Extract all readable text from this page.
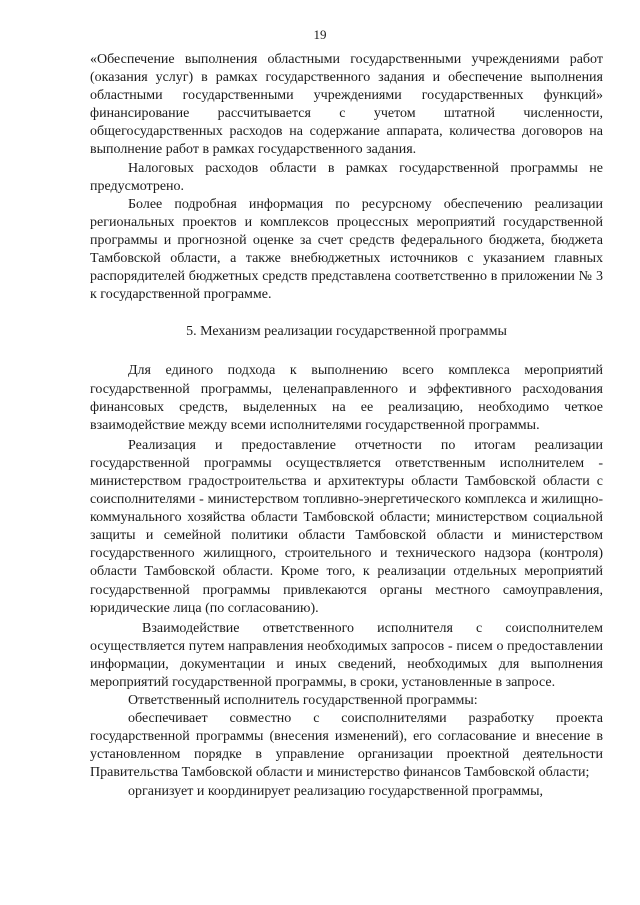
19

«Обеспечение выполнения областными государственными учреждениями работ (оказания услуг) в рамках государственного задания и обеспечение выполнения областными государственными учреждениями государственных функций» финансирование рассчитывается с учетом штатной численности, общегосударственных расходов на содержание аппарата, количества договоров на выполнение работ в рамках государственного задания.

Налоговых расходов области в рамках государственной программы не предусмотрено.

Более подробная информация по ресурсному обеспечению реализации региональных проектов и комплексов процессных мероприятий государственной программы и прогнозной оценке за счет средств федерального бюджета, бюджета Тамбовской области, а также внебюджетных источников с указанием главных распорядителей бюджетных средств представлена соответственно в приложении № 3 к государственной программе.

5. Механизм реализации государственной программы

Для единого подхода к выполнению всего комплекса мероприятий государственной программы, целенаправленного и эффективного расходования финансовых средств, выделенных на ее реализацию, необходимо четкое взаимодействие между всеми исполнителями государственной программы.

Реализация и предоставление отчетности по итогам реализации государственной программы осуществляется ответственным исполнителем - министерством градостроительства и архитектуры области Тамбовской области с соисполнителями - министерством топливно-энергетического комплекса и жилищно-коммунального хозяйства области Тамбовской области; министерством социальной защиты и семейной политики области Тамбовской области и министерством государственного жилищного, строительного и технического надзора (контроля) области Тамбовской области. Кроме того, к реализации отдельных мероприятий государственной программы привлекаются органы местного самоуправления, юридические лица (по согласованию).

Взаимодействие ответственного исполнителя с соисполнителем осуществляется путем направления необходимых запросов - писем о предоставлении информации, документации и иных сведений, необходимых для выполнения мероприятий государственной программы, в сроки, установленные в запросе.

Ответственный исполнитель государственной программы:

обеспечивает совместно с соисполнителями разработку проекта государственной программы (внесения изменений), его согласование и внесение в установленном порядке в управление организации проектной деятельности Правительства Тамбовской области и министерство финансов Тамбовской области;

организует и координирует реализацию государственной программы,
